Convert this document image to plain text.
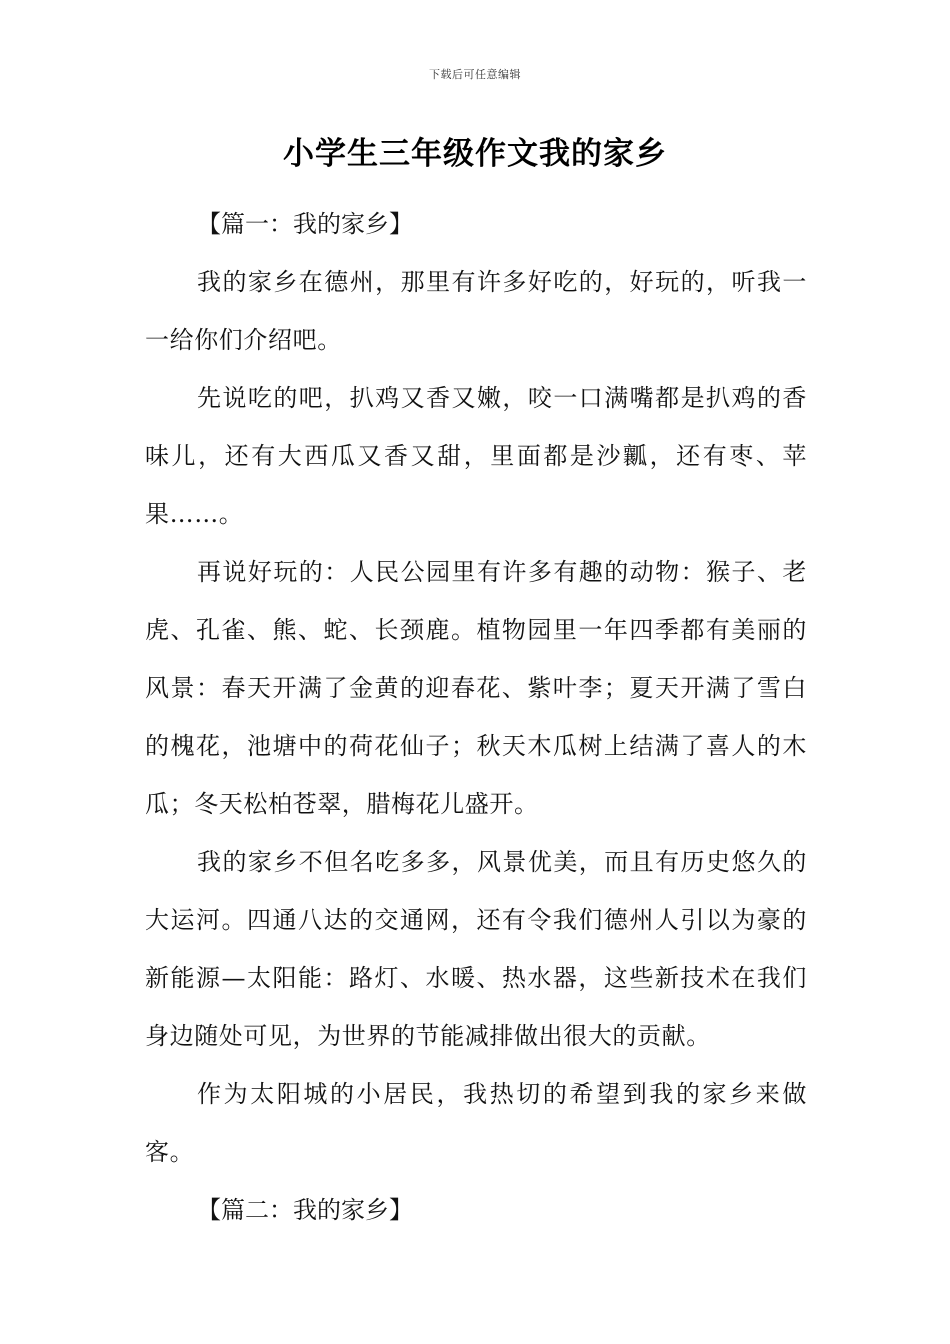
下载后可任意编辑
小学生三年级作文我的家乡

【篇一：我的家乡】

我的家乡在德州，那里有许多好吃的，好玩的，听我一一给你们介绍吧。

先说吃的吧，扒鸡又香又嫩，咬一口满嘴都是扒鸡的香味儿，还有大西瓜又香又甜，里面都是沙瓤，还有枣、苹果……。

再说好玩的：人民公园里有许多有趣的动物：猴子、老虎、孔雀、熊、蛇、长颈鹿。植物园里一年四季都有美丽的风景：春天开满了金黄的迎春花、紫叶李；夏天开满了雪白的槐花，池塘中的荷花仙子；秋天木瓜树上结满了喜人的木瓜；冬天松柏苍翠，腊梅花儿盛开。

我的家乡不但名吃多多，风景优美，而且有历史悠久的大运河。四通八达的交通网，还有令我们德州人引以为豪的新能源—太阳能：路灯、水暖、热水器，这些新技术在我们身边随处可见，为世界的节能减排做出很大的贡献。

作为太阳城的小居民，我热切的希望到我的家乡来做客。

【篇二：我的家乡】
